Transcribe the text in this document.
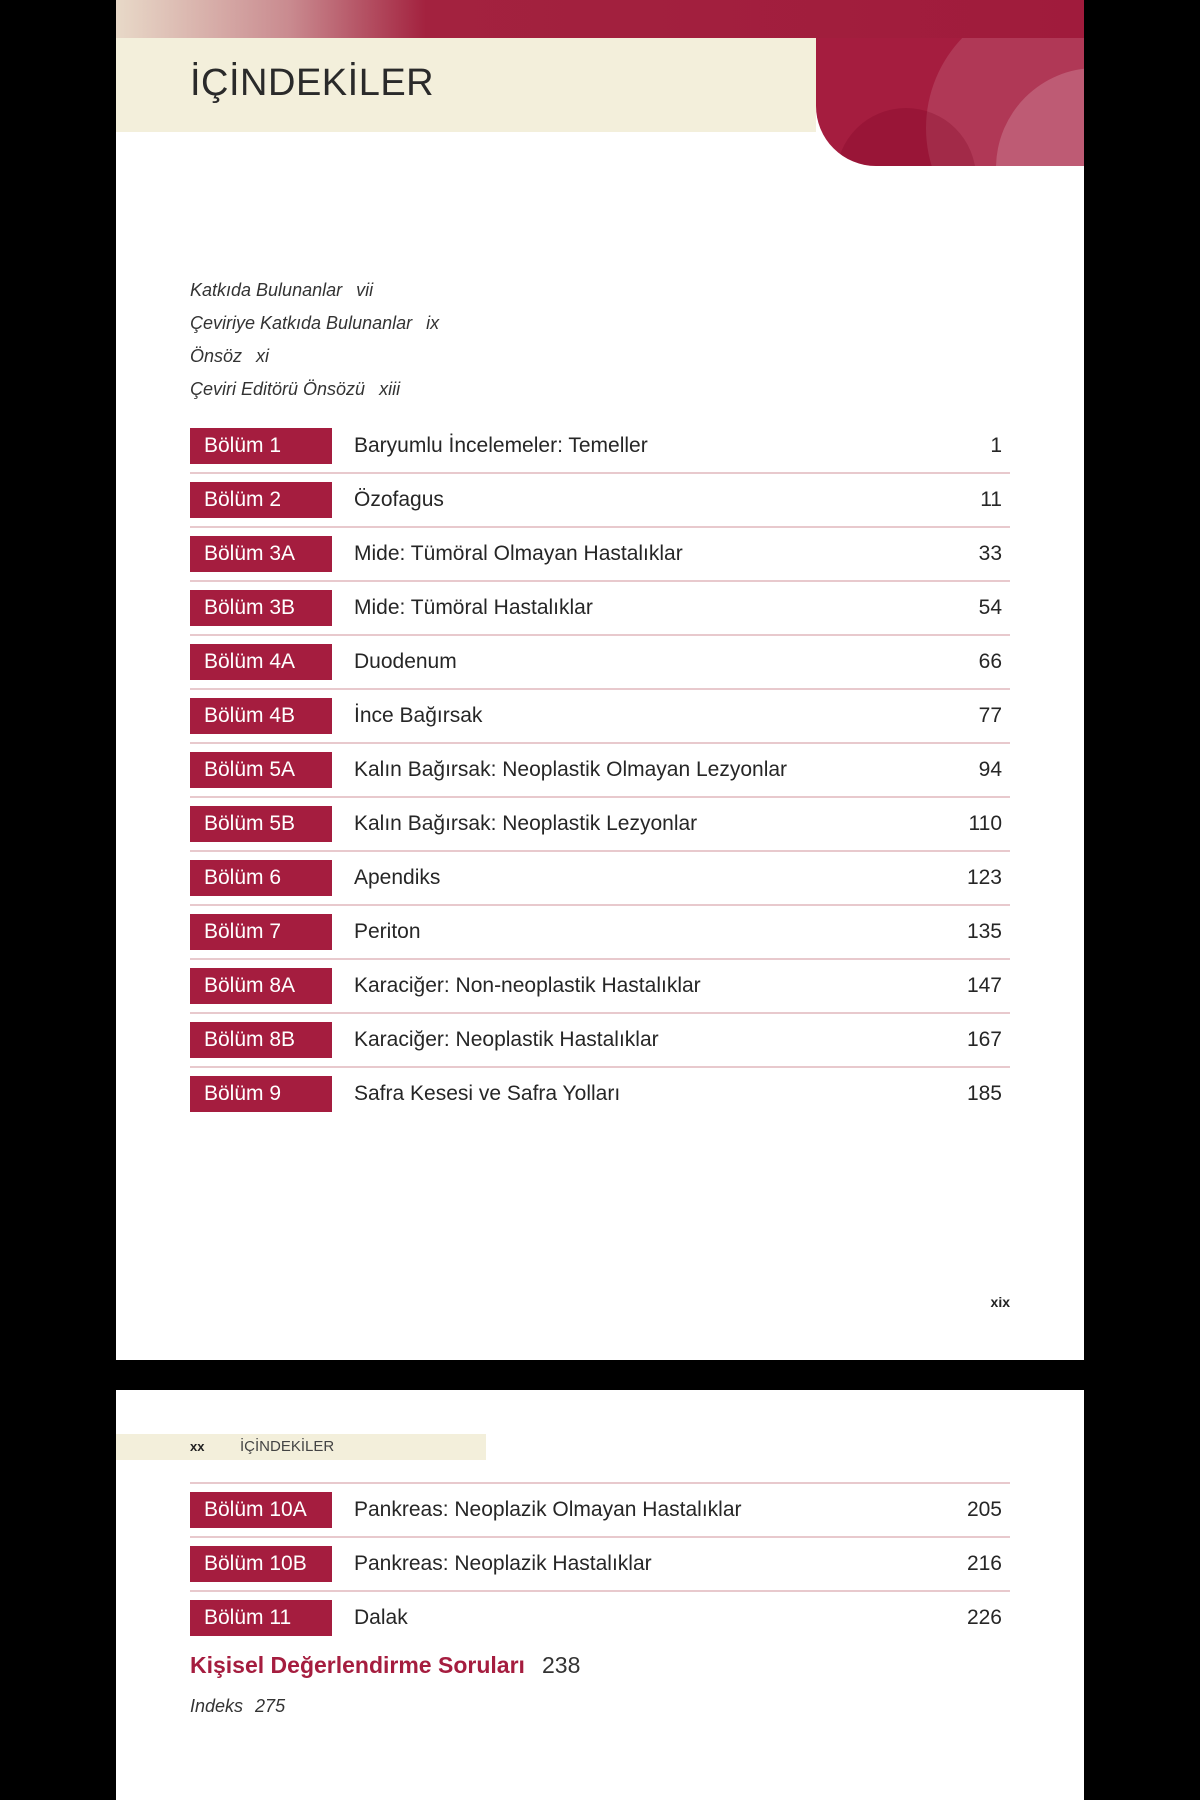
İÇİNDEKİLER
Katkıda Bulunanlar vii
Çeviriye Katkıda Bulunanlar ix
Önsöz xi
Çeviri Editörü Önsözü xiii
Bölüm 1	Baryumlu İncelemeler: Temeller	1
Bölüm 2	Özofagus	11
Bölüm 3A	Mide: Tümöral Olmayan Hastalıklar	33
Bölüm 3B	Mide: Tümöral Hastalıklar	54
Bölüm 4A	Duodenum	66
Bölüm 4B	İnce Bağırsak	77
Bölüm 5A	Kalın Bağırsak: Neoplastik Olmayan Lezyonlar	94
Bölüm 5B	Kalın Bağırsak: Neoplastik Lezyonlar	110
Bölüm 6	Apendiks	123
Bölüm 7	Periton	135
Bölüm 8A	Karaciğer: Non-neoplastik Hastalıklar	147
Bölüm 8B	Karaciğer: Neoplastik Hastalıklar	167
Bölüm 9	Safra Kesesi ve Safra Yolları	185
xix
xx İÇİNDEKİLER
Bölüm 10A	Pankreas: Neoplazik Olmayan Hastalıklar	205
Bölüm 10B	Pankreas: Neoplazik Hastalıklar	216
Bölüm 11	Dalak	226
Kişisel Değerlendirme Soruları 238
Indeks 275
